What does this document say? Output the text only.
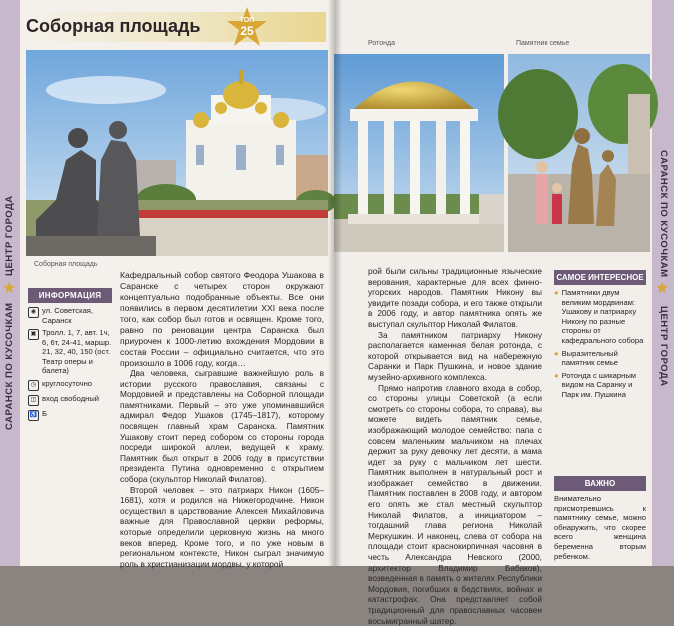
ЦЕНТР ГОРОДА
★
САРАНСК ПО КУСОЧКАМ
Соборная площадь	ТОП
25
Соборная площадь
ИНФОРМАЦИЯ
◉ ул. Советская, Саранск
▣ Тролл. 1, 7, авт. 1ч, 6, 6т, 24-41, маршр. 21, 32, 40, 150 (ост. Театр оперы и балета)
◷ круглосуточно
◫ вход свободный
♿ Б

Кафедральный собор святого Феодора Ушакова в Саранске с четырех сторон окружают концептуально подобранные объекты. Все они появились в первом десятилетии XXI века после того, как собор был готов и освящен. Кроме того, равно по реновации центра Саранска был приурочен к 1000-летию вхождения Мордовии в состав России – официально считается, что это произошло в 1006 году, когда…

Два человека, сыгравшие важнейшую роль в истории русского православия, связаны с Мордовией и представлены на Соборной площади памятниками. Первый – это уже упоминавшийся адмирал Федор Ушаков (1745–1817), которому посвящен главный храм Саранска. Памятник Ушакову стоит перед собором со стороны города посреди широкой аллеи, ведущей к храму. Памятник был открыт в 2006 году в присутствии президента Путина одновременно с открытием собора (скульптор Николай Филатов).

Второй человек – это патриарх Никон (1605–1681), хотя и родился на Нижегородчине. Никон осуществил в царствование Алексея Михайловича важные для Православной церкви реформы, которые определили церковную жизнь на много веков вперед. Кроме того, и по уже новым в региональном контексте, Никон сыграл значимую роль в христианизации мордвы, у которой

САРАНСК ПО КУСОЧКАМ
★
ЦЕНТР ГОРОДА
Ротонда	Памятник семье

рой были сильны традиционные языческие верования, характерные для всех финно-угорских народов. Памятник Никону вы увидите позади собора, и его также открыли в 2006 году, и автор памятника опять же выступал скульптор Николай Филатов.

За памятником патриарху Никону располагается каменная белая ротонда, с которой открывается вид на набережную Саранки и Парк Пушкина, и новое здание музейно-архивного комплекса.

Прямо напротив главного входа в собор, со стороны улицы Советской (а если смотреть со стороны собора, то справа), вы можете видеть памятник семье, изображающий молодое семейство: папа с совсем маленьким мальчиком на плечах держит за руку девочку лет десяти, а мама идет за руку с мальчиком лет шести. Памятник выполнен в натуральный рост и изображает семейство в движении. Памятник поставлен в 2008 году, и автором его опять же стал местный скульптор Николай Филатов, а инициатором – тогдашний глава региона Николай Меркушкин. И наконец, слева от собора на площади стоит краснокирпичная часовня в честь Александра Невского (2000, архитектор Владимир Бабаков), возведенная в память о жителях Республики Мордовия, погибших в бедствиях, войнах и катастрофах. Она представляет собой традиционный для православных часовен восьмигранный шатер.

САМОЕ ИНТЕРЕСНОЕ
● Памятники двум великим мордвинам: Ушакову и патриарху Никону по разные стороны от кафедрального собора
● Выразительный памятник семье
● Ротонда с шикарным видом на Саранку и Парк им. Пушкина
ВАЖНО
Внимательно присмотревшись к памятнику семье, можно обнаружить, что скорее всего женщина беременна вторым ребенком.
